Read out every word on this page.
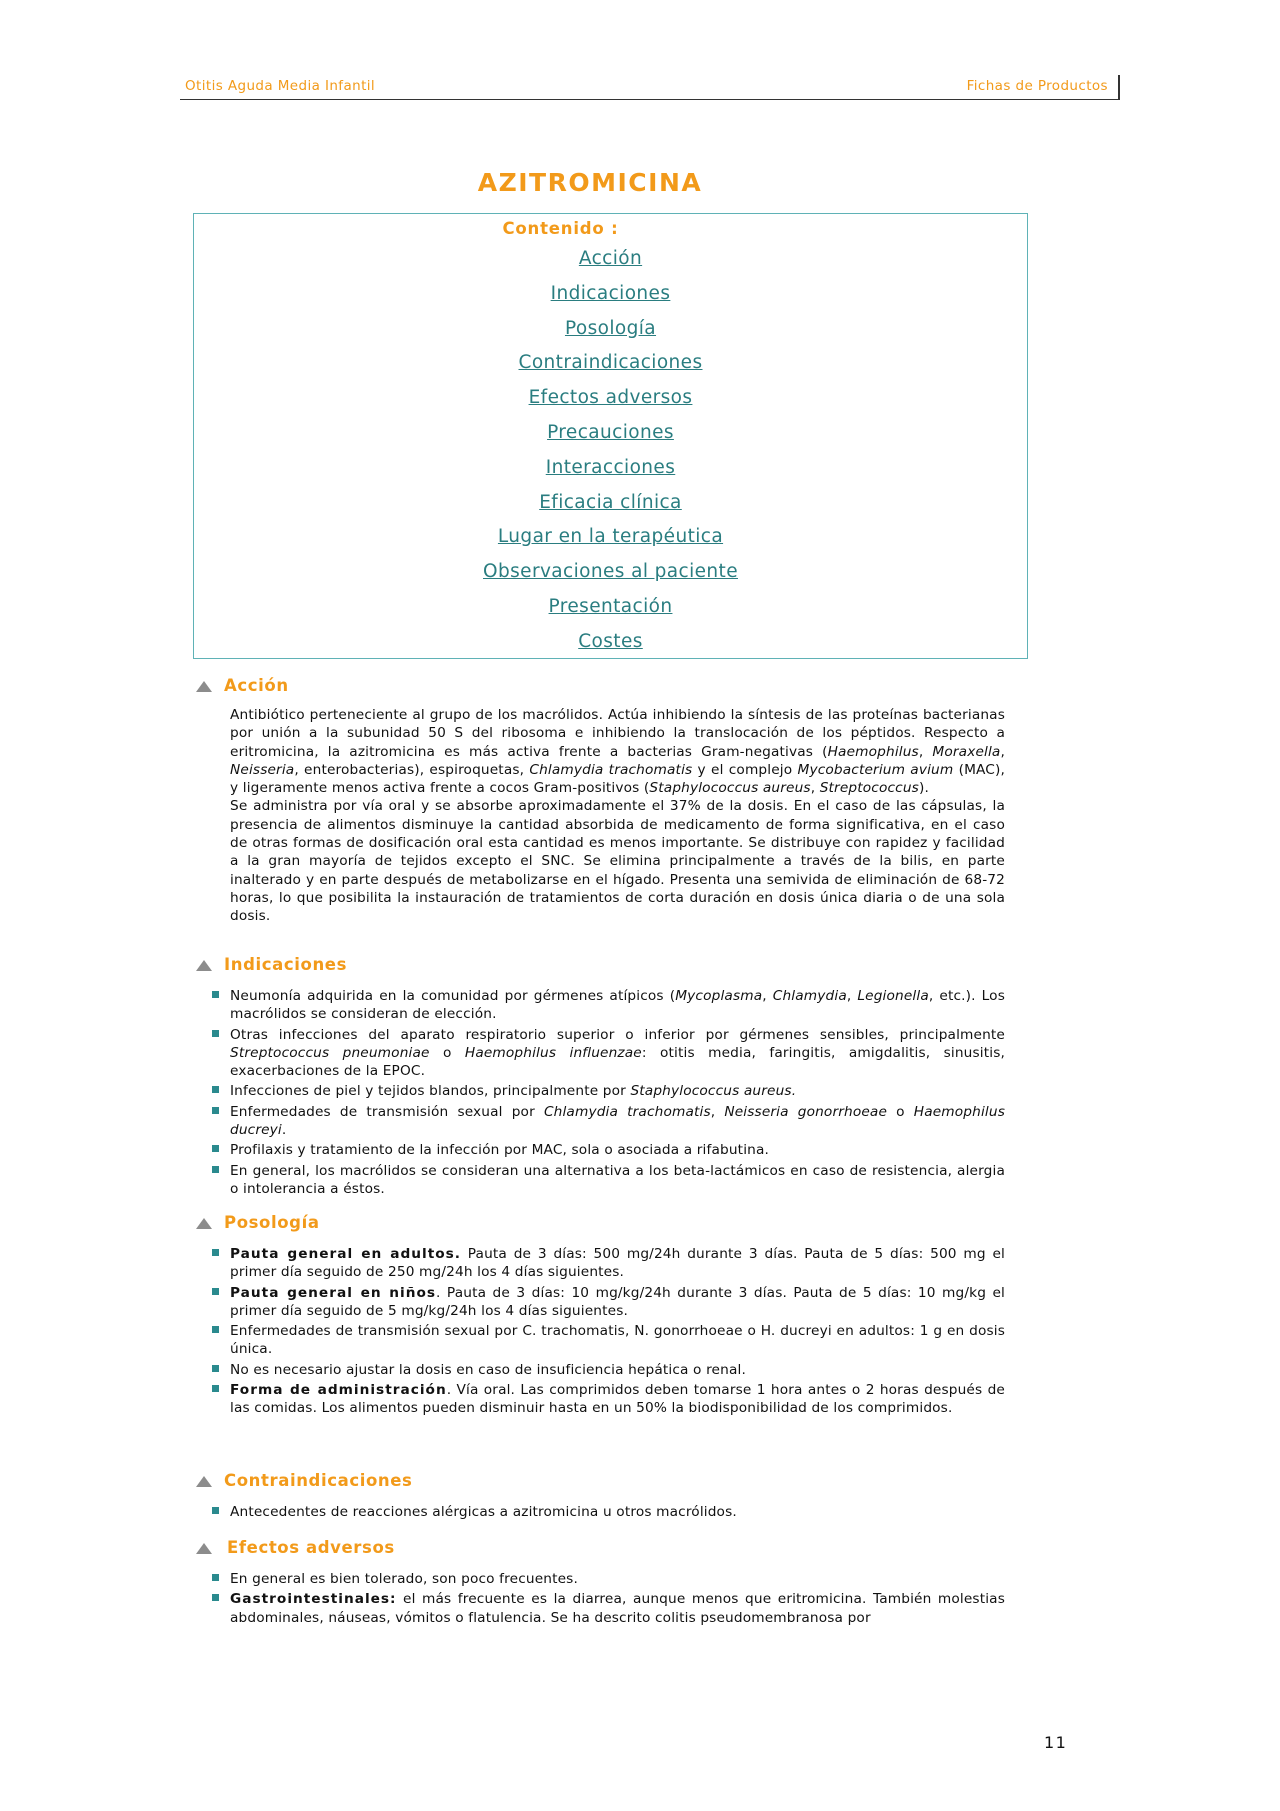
Otitis Aguda Media Infantil	Fichas de Productos
AZITROMICINA
Contenido :
Acción
Indicaciones
Posología
Contraindicaciones
Efectos adversos
Precauciones
Interacciones
Eficacia clínica
Lugar en la terapéutica
Observaciones al paciente
Presentación
Costes
Acción

Antibiótico perteneciente al grupo de los macrólidos. Actúa inhibiendo la síntesis de las proteínas bacterianas por unión a la subunidad 50 S del ribosoma e inhibiendo la translocación de los péptidos. Respecto a eritromicina, la azitromicina es más activa frente a bacterias Gram-negativas (Haemophilus, Moraxella, Neisseria, enterobacterias), espiroquetas, Chlamydia trachomatis y el complejo Mycobacterium avium (MAC), y ligeramente menos activa frente a cocos Gram-positivos (Staphylococcus aureus, Streptococcus).

Se administra por vía oral y se absorbe aproximadamente el 37% de la dosis. En el caso de las cápsulas, la presencia de alimentos disminuye la cantidad absorbida de medicamento de forma significativa, en el caso de otras formas de dosificación oral esta cantidad es menos importante. Se distribuye con rapidez y facilidad a la gran mayoría de tejidos excepto el SNC. Se elimina principalmente a través de la bilis, en parte inalterado y en parte después de metabolizarse en el hígado. Presenta una semivida de eliminación de 68-72 horas, lo que posibilita la instauración de tratamientos de corta duración en dosis única diaria o de una sola dosis.

Indicaciones
Neumonía adquirida en la comunidad por gérmenes atípicos (Mycoplasma, Chlamydia, Legionella, etc.). Los macrólidos se consideran de elección.
Otras infecciones del aparato respiratorio superior o inferior por gérmenes sensibles, principalmente Streptococcus pneumoniae o Haemophilus influenzae: otitis media, faringitis, amigdalitis, sinusitis, exacerbaciones de la EPOC.
Infecciones de piel y tejidos blandos, principalmente por Staphylococcus aureus.
Enfermedades de transmisión sexual por Chlamydia trachomatis, Neisseria gonorrhoeae o Haemophilus ducreyi.
Profilaxis y tratamiento de la infección por MAC, sola o asociada a rifabutina.
En general, los macrólidos se consideran una alternativa a los beta-lactámicos en caso de resistencia, alergia o intolerancia a éstos.
Posología
Pauta general en adultos. Pauta de 3 días: 500 mg/24h durante 3 días. Pauta de 5 días: 500 mg el primer día seguido de 250 mg/24h los 4 días siguientes.
Pauta general en niños. Pauta de 3 días: 10 mg/kg/24h durante 3 días. Pauta de 5 días: 10 mg/kg el primer día seguido de 5 mg/kg/24h los 4 días siguientes.
Enfermedades de transmisión sexual por C. trachomatis, N. gonorrhoeae o H. ducreyi en adultos: 1 g en dosis única.
No es necesario ajustar la dosis en caso de insuficiencia hepática o renal.
Forma de administración. Vía oral. Las comprimidos deben tomarse 1 hora antes o 2 horas después de las comidas. Los alimentos pueden disminuir hasta en un 50% la biodisponibilidad de los comprimidos.
Contraindicaciones
Antecedentes de reacciones alérgicas a azitromicina u otros macrólidos.
Efectos adversos
En general es bien tolerado, son poco frecuentes.
Gastrointestinales: el más frecuente es la diarrea, aunque menos que eritromicina. También molestias abdominales, náuseas, vómitos o flatulencia. Se ha descrito colitis pseudomembranosa por
11
